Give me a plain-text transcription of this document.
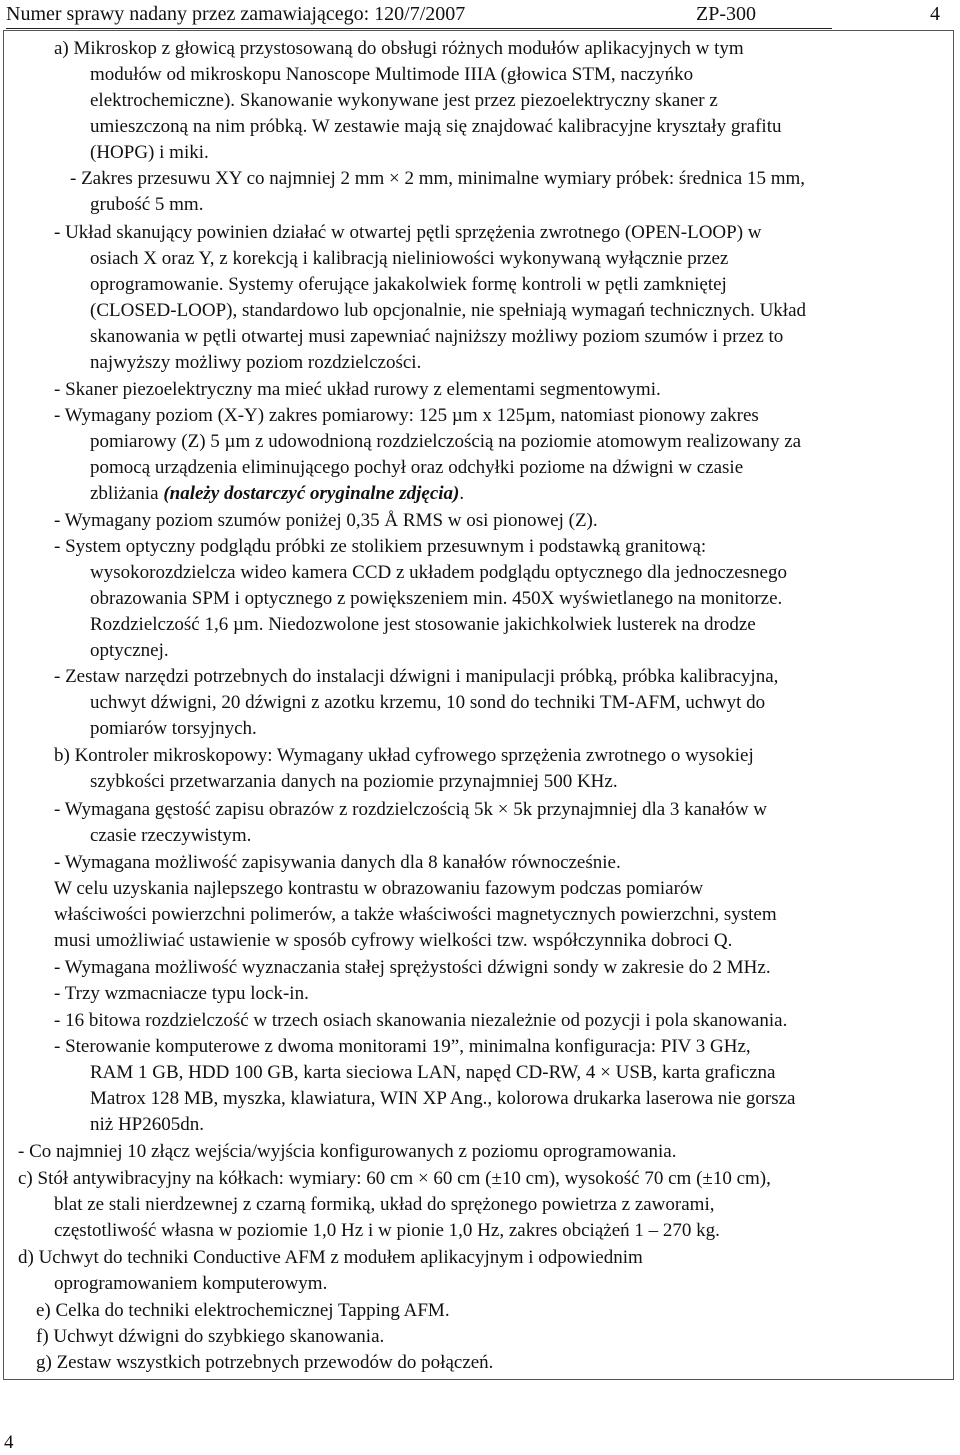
Numer sprawy nadany przez zamawiającego: 120/7/2007	ZP-300	4
a) Mikroskop z głowicą przystosowaną do obsługi różnych modułów aplikacyjnych w tym
modułów od mikroskopu Nanoscope Multimode IIIA (głowica STM, naczyńko
elektrochemiczne). Skanowanie wykonywane jest przez piezoelektryczny skaner z
umieszczoną na nim próbką. W zestawie mają się znajdować kalibracyjne kryształy grafitu
(HOPG) i miki.
- Zakres przesuwu XY co najmniej 2 mm × 2 mm, minimalne wymiary próbek: średnica 15 mm,
grubość 5 mm.
- Układ skanujący powinien działać w otwartej pętli sprzężenia zwrotnego (OPEN-LOOP) w
osiach X oraz Y, z korekcją i kalibracją nieliniowości wykonywaną wyłącznie przez
oprogramowanie. Systemy oferujące jakakolwiek formę kontroli w pętli zamkniętej
(CLOSED-LOOP), standardowo lub opcjonalnie, nie spełniają wymagań technicznych. Układ
skanowania w pętli otwartej musi zapewniać najniższy możliwy poziom szumów i przez to
najwyższy możliwy poziom rozdzielczości.
- Skaner piezoelektryczny ma mieć układ rurowy z elementami segmentowymi.
- Wymagany poziom (X-Y) zakres pomiarowy: 125 µm x 125µm, natomiast pionowy zakres
pomiarowy (Z) 5 µm z udowodnioną rozdzielczością na poziomie atomowym realizowany za
pomocą urządzenia eliminującego pochył oraz odchyłki poziome na dźwigni w czasie
zbliżania (należy dostarczyć oryginalne zdjęcia).
- Wymagany poziom szumów poniżej 0,35 Å RMS w osi pionowej (Z).
- System optyczny podglądu próbki ze stolikiem przesuwnym i podstawką granitową:
wysokorozdzielcza wideo kamera CCD z układem podglądu optycznego dla jednoczesnego
obrazowania SPM i optycznego z powiększeniem min. 450X wyświetlanego na monitorze.
Rozdzielczość 1,6 µm. Niedozwolone jest stosowanie jakichkolwiek lusterek na drodze
optycznej.
- Zestaw narzędzi potrzebnych do instalacji dźwigni i manipulacji próbką, próbka kalibracyjna,
uchwyt dźwigni, 20 dźwigni z azotku krzemu, 10 sond do techniki TM-AFM, uchwyt do
pomiarów torsyjnych.
b) Kontroler mikroskopowy: Wymagany układ cyfrowego sprzężenia zwrotnego o wysokiej
szybkości przetwarzania danych na poziomie przynajmniej 500 KHz.
- Wymagana gęstość zapisu obrazów z rozdzielczością 5k × 5k przynajmniej dla 3 kanałów w
czasie rzeczywistym.
- Wymagana możliwość zapisywania danych dla 8 kanałów równocześnie.
W celu uzyskania najlepszego kontrastu w obrazowaniu fazowym podczas pomiarów
właściwości powierzchni polimerów, a także właściwości magnetycznych powierzchni, system
musi umożliwiać ustawienie w sposób cyfrowy wielkości tzw. współczynnika dobroci Q.
- Wymagana możliwość wyznaczania stałej sprężystości dźwigni sondy w zakresie do 2 MHz.
- Trzy wzmacniacze typu lock-in.
- 16 bitowa rozdzielczość w trzech osiach skanowania niezależnie od pozycji i pola skanowania.
- Sterowanie komputerowe z dwoma monitorami 19”, minimalna konfiguracja: PIV 3 GHz,
RAM 1 GB, HDD 100 GB, karta sieciowa LAN, napęd CD-RW, 4 × USB, karta graficzna
Matrox 128 MB, myszka, klawiatura, WIN XP Ang., kolorowa drukarka laserowa nie gorsza
niż HP2605dn.
- Co najmniej 10 złącz wejścia/wyjścia konfigurowanych z poziomu oprogramowania.
c) Stół antywibracyjny na kółkach: wymiary: 60 cm × 60 cm (±10 cm), wysokość 70 cm (±10 cm),
blat ze stali nierdzewnej z czarną formiką, układ do sprężonego powietrza z zaworami,
częstotliwość własna w poziomie 1,0 Hz i w pionie 1,0 Hz, zakres obciążeń 1 – 270 kg.
d) Uchwyt do techniki Conductive AFM z modułem aplikacyjnym i odpowiednim
oprogramowaniem komputerowym.
e) Celka do techniki elektrochemicznej Tapping AFM.
f) Uchwyt dźwigni do szybkiego skanowania.
g) Zestaw wszystkich potrzebnych przewodów do połączeń.
4
